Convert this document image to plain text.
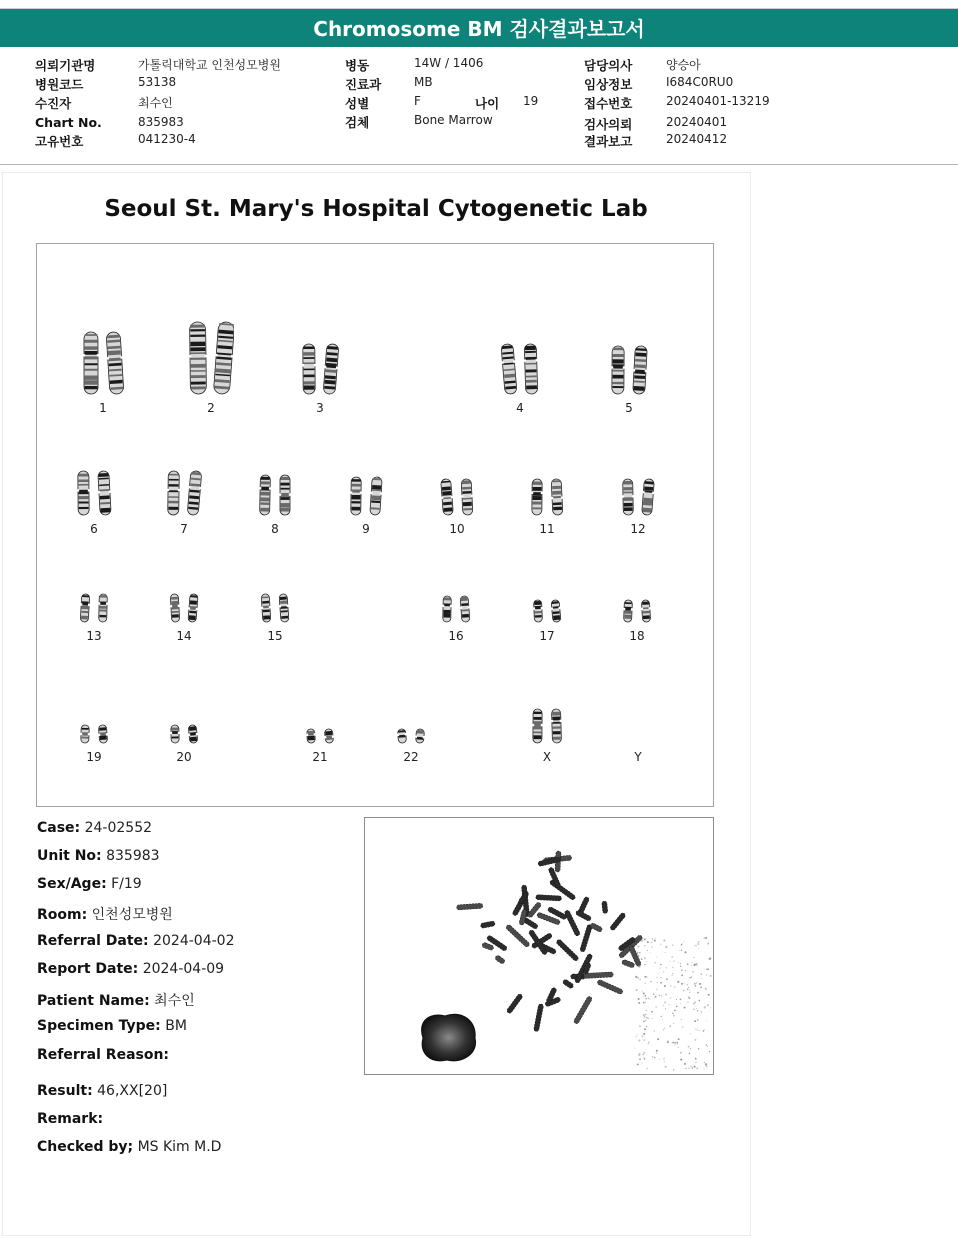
Chromosome BM 검사결과보고서
의뢰기관명	가톨릭대학교 인천성모병원
병원코드	53138
수진자	최수인
Chart No.	835983
고유번호	041230-4
병동	14W / 1406
진료과	MB
성별	F	나이 19
검체	Bone Marrow
담당의사	양승아
임상정보	I684C0RU0
접수번호	20240401-13219
검사의뢰	20240401
결과보고	20240412
Seoul St. Mary's Hospital Cytogenetic Lab
1	2	3	4	5
6	7	8	9	10	11	12
13	14	15	16	17	18
19	20	21	22	X	Y
Case: 24-02552
Unit No: 835983
Sex/Age: F/19
Room: 인천성모병원
Referral Date: 2024-04-02
Report Date: 2024-04-09
Patient Name: 최수인
Specimen Type: BM
Referral Reason:
Result: 46,XX[20]
Remark:
Checked by; MS Kim M.D
